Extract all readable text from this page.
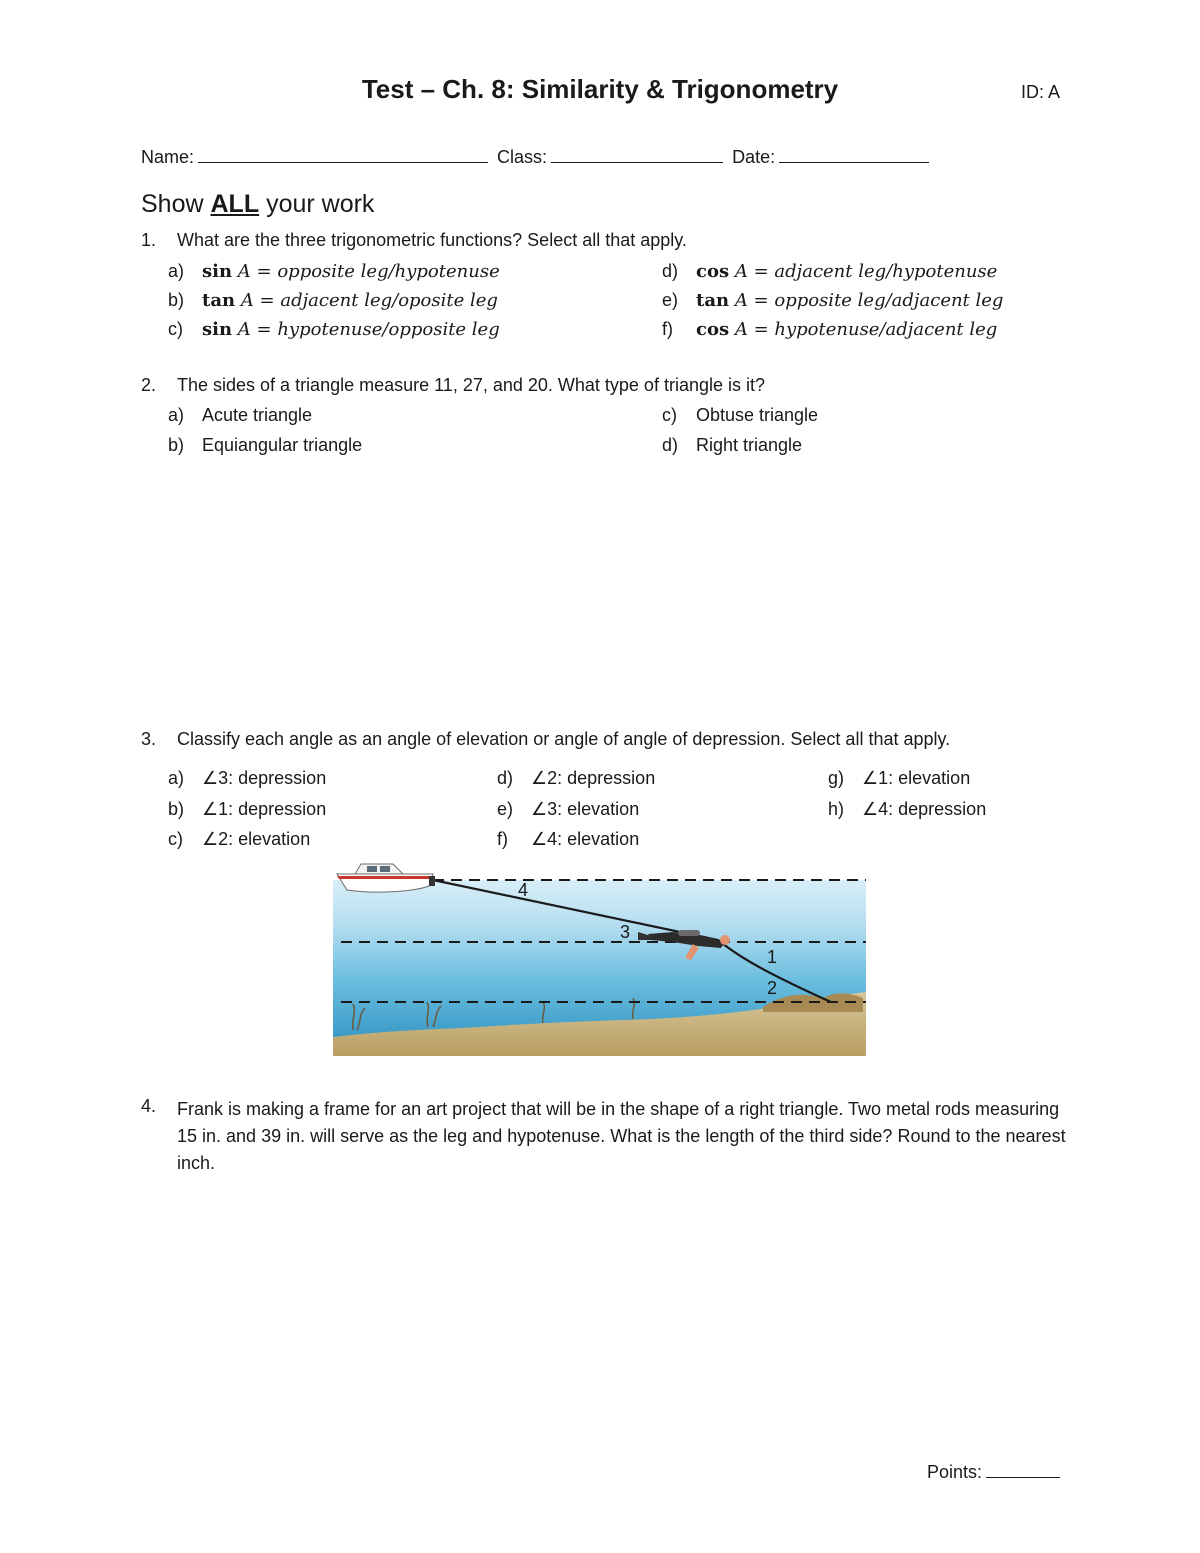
Test – Ch. 8: Similarity & Trigonometry	ID: A
Name:	Class:	Date:
Show ALL your work
1. What are the three trigonometric functions? Select all that apply.
a) sin A = opposite leg/hypotenuse
b) tan A = adjacent leg/oposite leg
c) sin A = hypotenuse/opposite leg
d) cos A = adjacent leg/hypotenuse
e) tan A = opposite leg/adjacent leg
f) cos A = hypotenuse/adjacent leg
2. The sides of a triangle measure 11, 27, and 20. What type of triangle is it?
a) Acute triangle
b) Equiangular triangle
c) Obtuse triangle
d) Right triangle
3. Classify each angle as an angle of elevation or angle of angle of depression. Select all that apply.
a) ∠3: depression
b) ∠1: depression
c) ∠2: elevation
d) ∠2: depression
e) ∠3: elevation
f) ∠4: elevation
g) ∠1: elevation
h) ∠4: depression
4
3
1
2
4. Frank is making a frame for an art project that will be in the shape of a right triangle. Two metal rods measuring 15 in. and 39 in. will serve as the leg and hypotenuse. What is the length of the third side? Round to the nearest inch.
Points:
